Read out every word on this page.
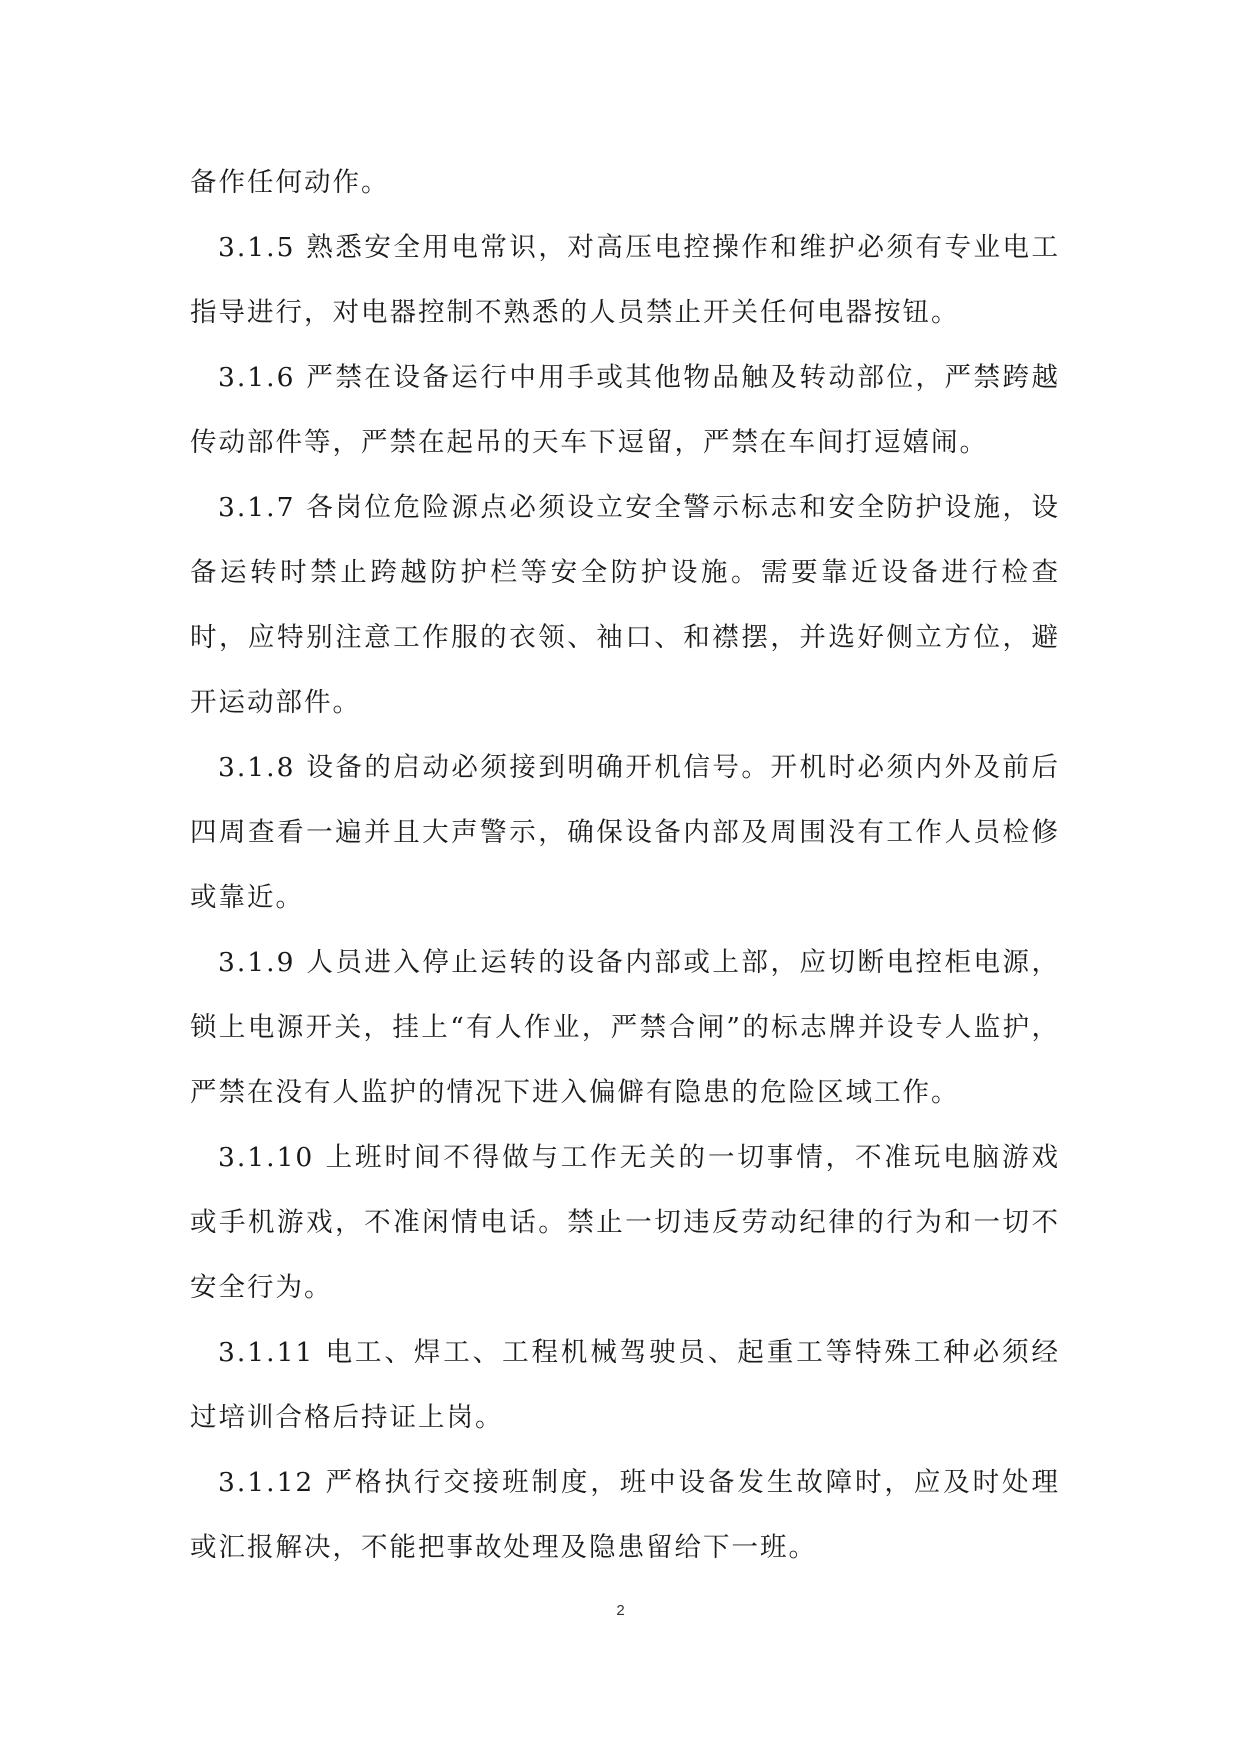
备作任何动作。

3.1.5 熟悉安全用电常识，对高压电控操作和维护必须有专业电工指导进行，对电器控制不熟悉的人员禁止开关任何电器按钮。

3.1.6 严禁在设备运行中用手或其他物品触及转动部位，严禁跨越传动部件等，严禁在起吊的天车下逗留，严禁在车间打逗嬉闹。

3.1.7 各岗位危险源点必须设立安全警示标志和安全防护设施，设备运转时禁止跨越防护栏等安全防护设施。需要靠近设备进行检查时，应特别注意工作服的衣领、袖口、和襟摆，并选好侧立方位，避开运动部件。

3.1.8 设备的启动必须接到明确开机信号。开机时必须内外及前后四周查看一遍并且大声警示，确保设备内部及周围没有工作人员检修或靠近。

3.1.9 人员进入停止运转的设备内部或上部，应切断电控柜电源，锁上电源开关，挂上“有人作业，严禁合闸”的标志牌并设专人监护，严禁在没有人监护的情况下进入偏僻有隐患的危险区域工作。

3.1.10 上班时间不得做与工作无关的一切事情，不准玩电脑游戏或手机游戏，不准闲情电话。禁止一切违反劳动纪律的行为和一切不安全行为。

3.1.11 电工、焊工、工程机械驾驶员、起重工等特殊工种必须经过培训合格后持证上岗。

3.1.12 严格执行交接班制度，班中设备发生故障时，应及时处理或汇报解决，不能把事故处理及隐患留给下一班。

2
